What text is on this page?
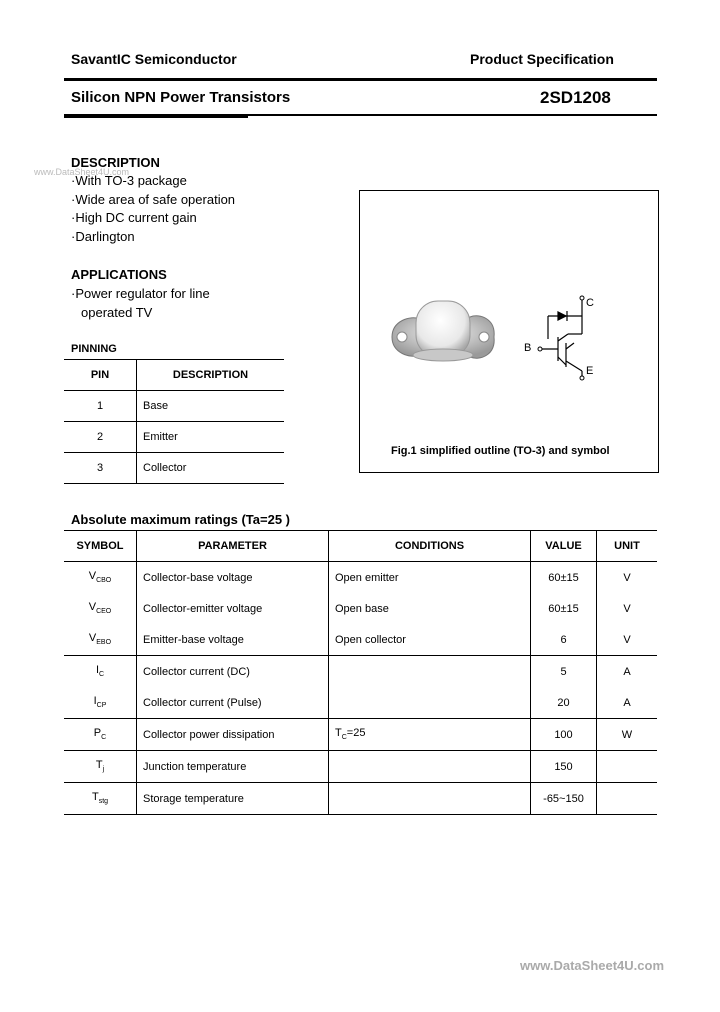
SavantIC Semiconductor	Product Specification
Silicon NPN Power Transistors	2SD1208
www.DataSheet4U.com
DESCRIPTION
·With TO-3 package
·Wide area of safe operation
·High DC current gain
·Darlington
APPLICATIONS
·Power regulator for line
operated TV
PINNING
PIN	DESCRIPTION
1	Base
2	Emitter
3	Collector
C
B
E
Fig.1 simplified outline (TO-3) and symbol
Absolute maximum ratings (Ta=25 )
SYMBOL	PARAMETER	CONDITIONS	VALUE	UNIT
$V_{CBO}$	Collector-base voltage	Open emitter	60±15	V
$V_{CEO}$	Collector-emitter voltage	Open base	60±15	V
$V_{EBO}$	Emitter-base voltage	Open collector	6	V
$I_C$	Collector current (DC)		5	A
$I_{CP}$	Collector current (Pulse)		20	A
$P_C$	Collector power dissipation	$T_C=25$	100	W
$T_j$	Junction temperature		150	
$T_{stg}$	Storage temperature		-65~150	
www.DataSheet4U.com
